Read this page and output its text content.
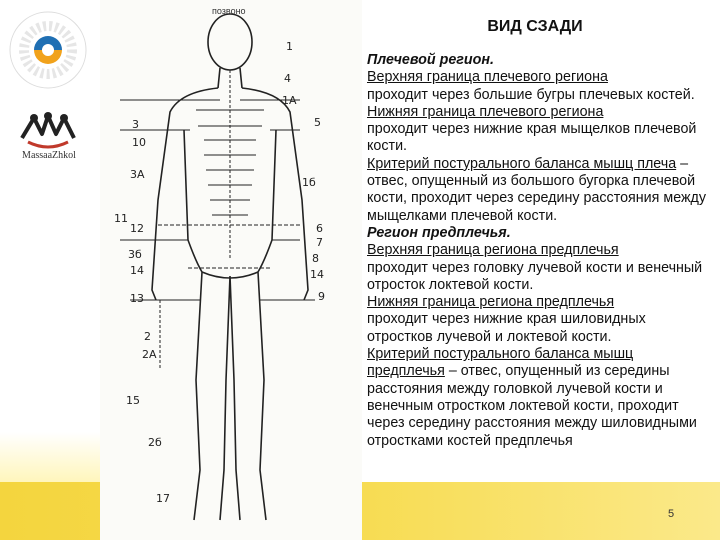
MassaaZhkol
1
4
1А
5
3
10
3А
1б
11
12	6
7
3б	8
14	14
13	9
2
2А
15
2б
17
позвоно
ВИД СЗАДИ

Плечевой регион.

Верхняя граница плечевого региона

проходит через большие бугры плечевых костей.

Нижняя граница плечевого региона

проходит через нижние края мыщелков плечевой кости.

Критерий постурального баланса мышц плеча – отвес, опущенный из большого бугорка плечевой кости, проходит через середину расстояния между мыщелками плечевой кости.

Регион предплечья.

Верхняя граница региона предплечья

проходит через головку лучевой кости и венечный отросток локтевой кости.

Нижняя граница региона предплечья

проходит через нижние края шиловидных отростков лучевой и локтевой кости.

Критерий постурального баланса мышц предплечья – отвес, опущенный из середины расстояния между головкой лучевой кости и венечным отростком локтевой кости, проходит через середину расстояния между шиловидными отростками костей предплечья

5
